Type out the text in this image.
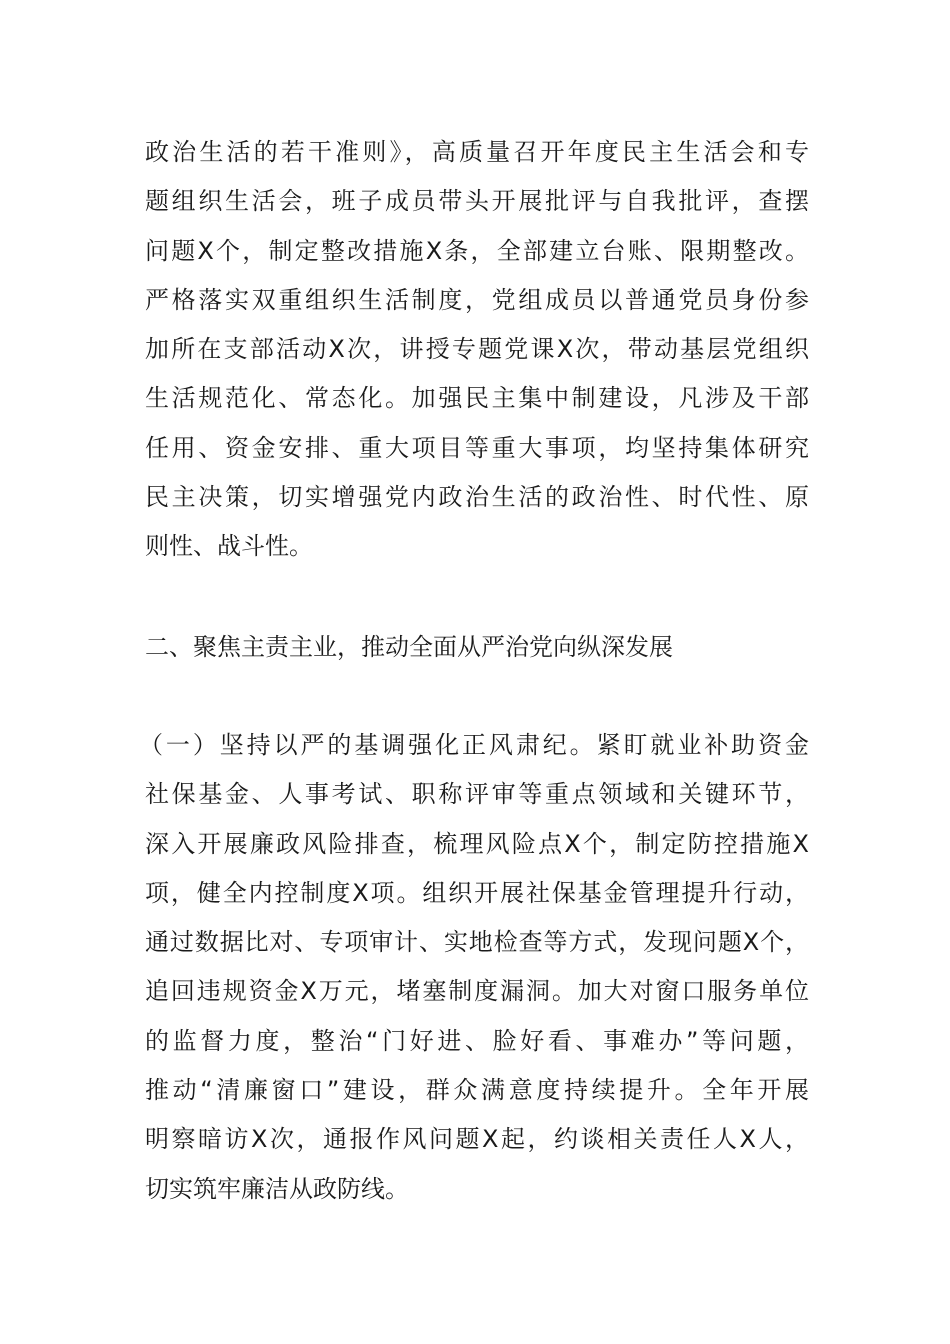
政治生活的若干准则》，高质量召开年度民主生活会和专
题组织生活会，班子成员带头开展批评与自我批评，查摆
问题X个，制定整改措施X条，全部建立台账、限期整改。
严格落实双重组织生活制度，党组成员以普通党员身份参
加所在支部活动X次，讲授专题党课X次，带动基层党组织
生活规范化、常态化。加强民主集中制建设，凡涉及干部
任用、资金安排、重大项目等重大事项，均坚持集体研究
民主决策，切实增强党内政治生活的政治性、时代性、原
则性、战斗性。
二、聚焦主责主业，推动全面从严治党向纵深发展
（一）坚持以严的基调强化正风肃纪。紧盯就业补助资金
社保基金、人事考试、职称评审等重点领域和关键环节，
深入开展廉政风险排查，梳理风险点X个，制定防控措施X
项，健全内控制度X项。组织开展社保基金管理提升行动，
通过数据比对、专项审计、实地检查等方式，发现问题X个，
追回违规资金X万元，堵塞制度漏洞。加大对窗口服务单位
的监督力度，整治“门好进、脸好看、事难办”等问题，
推动“清廉窗口”建设，群众满意度持续提升。全年开展
明察暗访X次，通报作风问题X起，约谈相关责任人X人，
切实筑牢廉洁从政防线。
